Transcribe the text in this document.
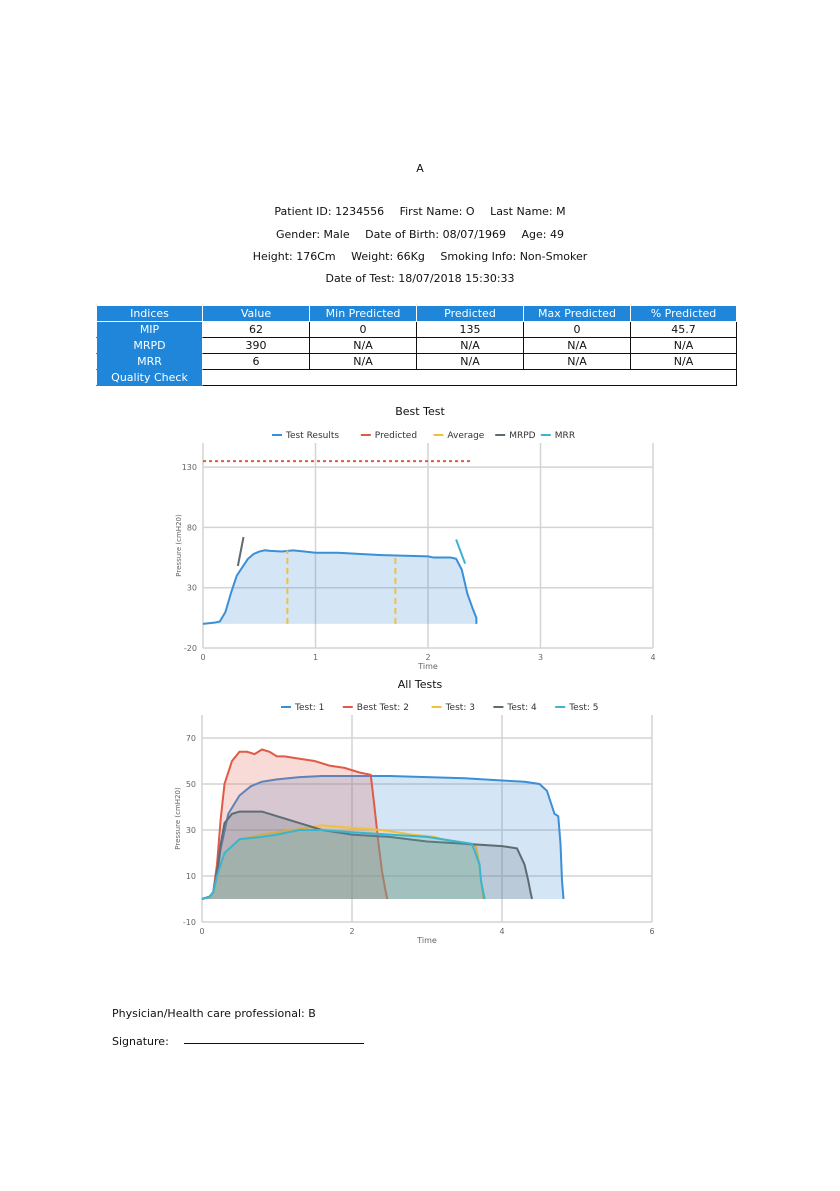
A
Patient ID: 1234556 First Name: O Last Name: M
Gender: Male Date of Birth: 08/07/1969 Age: 49
Height: 176Cm Weight: 66Kg Smoking Info: Non-Smoker
Date of Test: 18/07/2018 15:30:33
Indices	Value	Min Predicted	Predicted	Max Predicted	% Predicted
MIP	62	0	135	0	45.7
MRPD	390	N/A	N/A	N/A	N/A
MRR	6	N/A	N/A	N/A	N/A
Quality Check					
Best Test
0	1	2	3	4
-20
30
80
130
Time
Pressure (cmH20)
Test Results	Predicted	Average	MRPD MRR
All Tests
0	2	4	6
-10
10
30
50
70
Time
Pressure (cmH20)
Test: 1	Best Test: 2	Test: 3	Test: 4	Test: 5
Physician/Health care professional: B
Signature:
